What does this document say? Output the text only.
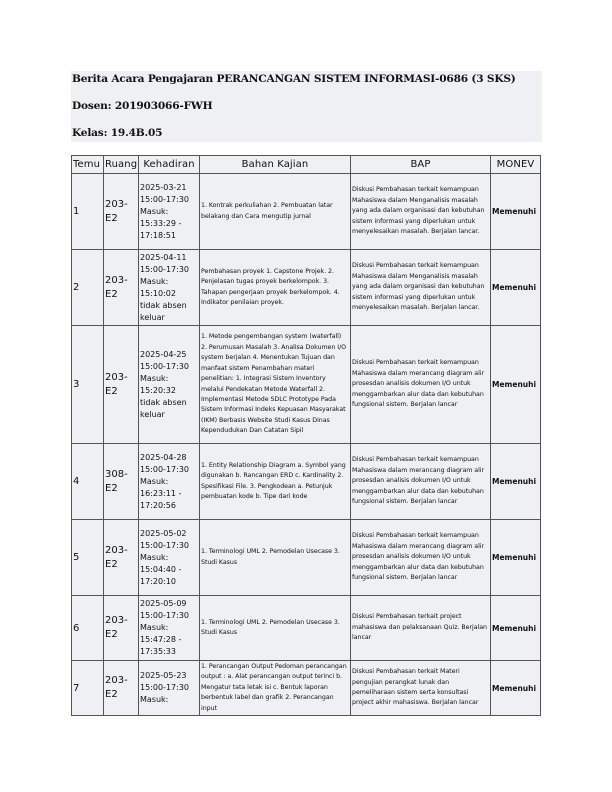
Berita Acara Pengajaran PERANCANGAN SISTEM INFORMASI-0686 (3 SKS)
Dosen: 201903066-FWH
Kelas: 19.4B.05
Temu	Ruang	Kehadiran	Bahan Kajian	BAP	MONEV
1	203-E2	2025-03-21 15:00-17:30 Masuk: 15:33:29 - 17:18:51	1. Kontrak perkuliahan 2. Pembuatan latar belakang dan Cara mengutip jurnal	Diskusi Pembahasan terkait kemampuan Mahasiswa dalam Menganalisis masalah yang ada dalam organisasi dan kebutuhan sistem informasi yang diperlukan untuk menyelesaikan masalah. Berjalan lancar.	Memenuhi
2	203-E2	2025-04-11 15:00-17:30 Masuk: 15:10:02 tidak absen keluar	Pembahasan proyek 1. Capstone Projek. 2. Penjelasan tugas proyek berkelompok. 3. Tahapan pengerjaan proyek berkelompok. 4. Indikator penilaian proyek.	Diskusi Pembahasan terkait kemampuan Mahasiswa dalam Menganalisis masalah yang ada dalam organisasi dan kebutuhan sistem informasi yang diperlukan untuk menyelesaikan masalah. Berjalan lancar.	Memenuhi
3	203-E2	2025-04-25 15:00-17:30 Masuk: 15:20:32 tidak absen keluar	1. Metode pengembangan system (waterfall) 2. Perumusan Masalah 3. Analisa Dokumen I/O system berjalan 4. Menentukan Tujuan dan manfaat sistem Penambahan materi penelitian: 1. Integrasi Sistem Inventory melalui Pendekatan Metode Waterfall 2. Implementasi Metode SDLC Prototype Pada Sistem Informasi Indeks Kepuasan Masyarakat (IKM) Berbasis Website Studi Kasus Dinas Kependudukan Dan Catatan Sipil	Diskusi Pembahasan terkait kemampuan Mahasiswa dalam merancang diagram alir prosesdan analisis dokumen I/O untuk menggambarkan alur data dan kebutuhan fungsional sistem. Berjalan lancar	Memenuhi
4	308-E2	2025-04-28 15:00-17:30 Masuk: 16:23:11 - 17:20:56	1. Entity Relationship Diagram a. Symbol yang digunakan b. Rancangan ERD c. Kardinality 2. Spesifikasi File. 3. Pengkodean a. Petunjuk pembuatan kode b. Tipe dari kode	Diskusi Pembahasan terkait kemampuan Mahasiswa dalam merancang diagram alir prosesdan analisis dokumen I/O untuk menggambarkan alur data dan kebutuhan fungsional sistem. Berjalan lancar	Memenuhi
5	203-E2	2025-05-02 15:00-17:30 Masuk: 15:04:40 - 17:20:10	1. Terminologi UML 2. Pemodelan Usecase 3. Studi Kasus	Diskusi Pembahasan terkait kemampuan Mahasiswa dalam merancang diagram alir prosesdan analisis dokumen I/O untuk menggambarkan alur data dan kebutuhan fungsional sistem. Berjalan lancar	Memenuhi
6	203-E2	2025-05-09 15:00-17:30 Masuk: 15:47:28 - 17:35:33	1. Terminologi UML 2. Pemodelan Usecase 3. Studi Kasus	Diskusi Pembahasan terkait project mahasiswa dan pelaksanaan Quiz. Berjalan lancar	Memenuhi
7	203-E2	2025-05-23 15:00-17:30 Masuk:	1. Perancangan Output Pedoman perancangan output : a. Alat perancangan output terinci b. Mengatur tata letak isi c. Bentuk laporan berbentuk label dan grafik 2. Perancangan input	Diskusi Pembahasan terkait Materi pengujian perangkat lunak dan pemeliharaan sistem serta konsultasi project akhir mahasiswa. Berjalan lancar	Memenuhi
